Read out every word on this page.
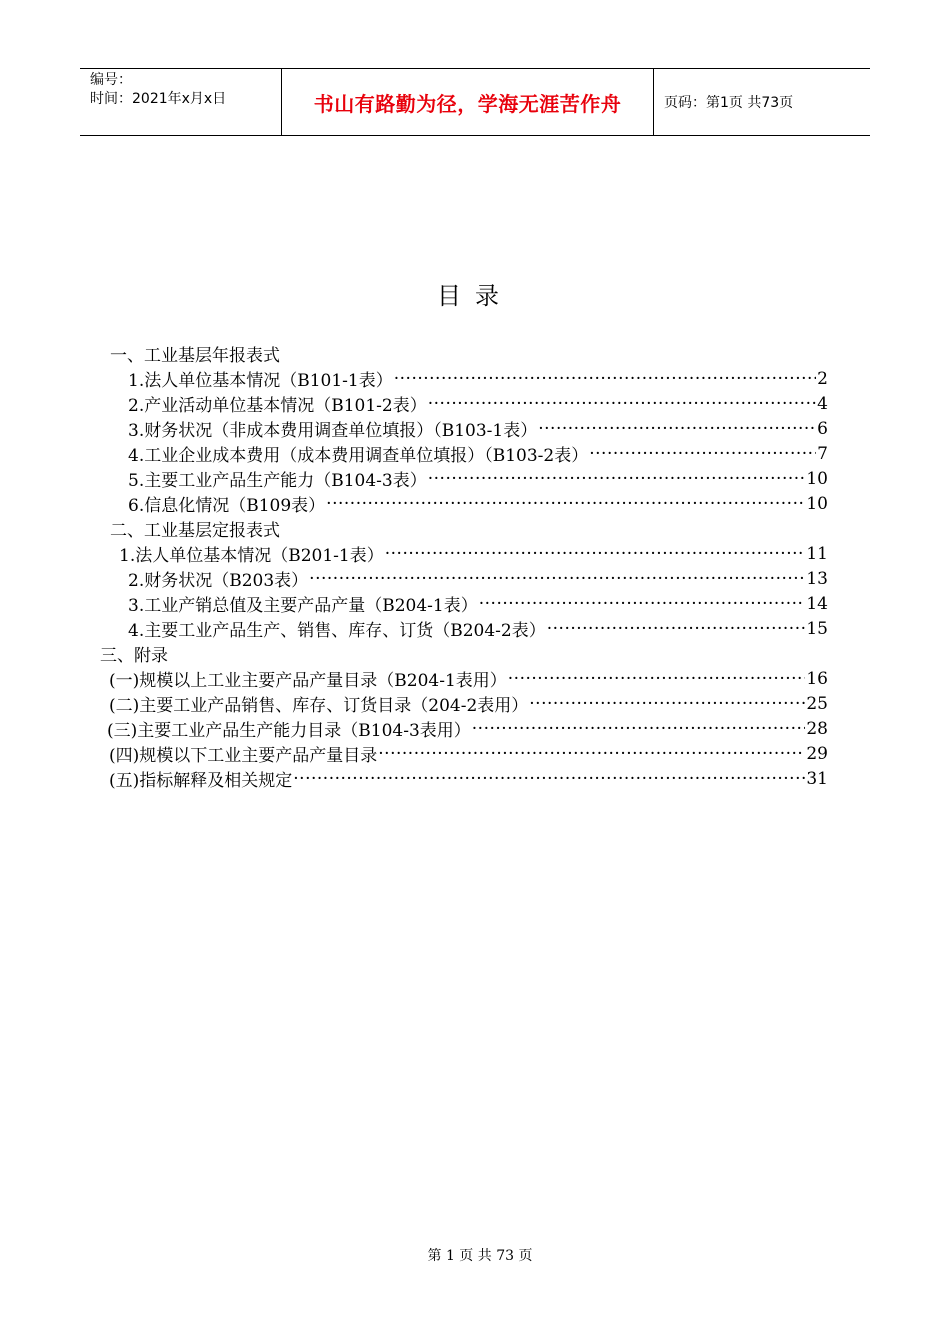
编号：
时间：2021年x月x日	书山有路勤为径，学海无涯苦作舟	页码：第1页 共73页
目录
一、工业基层年报表式
1.法人单位基本情况（B101-1表） ·····	2
2.产业活动单位基本情况（B101-2表） ·····	4
3.财务状况（非成本费用调查单位填报）（B103-1表） ·····	6
4.工业企业成本费用（成本费用调查单位填报）（B103-2表） ·····	7
5.主要工业产品生产能力（B104-3表） ·····	10
6.信息化情况（B109表） ·····	10
二、工业基层定报表式
1.法人单位基本情况（B201-1表） ·····	11
2.财务状况（B203表） ·····	13
3.工业产销总值及主要产品产量（B204-1表） ·····	14
4.主要工业产品生产、销售、库存、订货（B204-2表） ·····	15
三、附录
(一)规模以上工业主要产品产量目录（B204-1表用） ·····	16
(二)主要工业产品销售、库存、订货目录（204-2表用） ·····	25
(三)主要工业产品生产能力目录（B104-3表用） ·····	28
(四)规模以下工业主要产品产量目录 ·····	29
(五)指标解释及相关规定 ·····	31
第 1 页 共 73 页
